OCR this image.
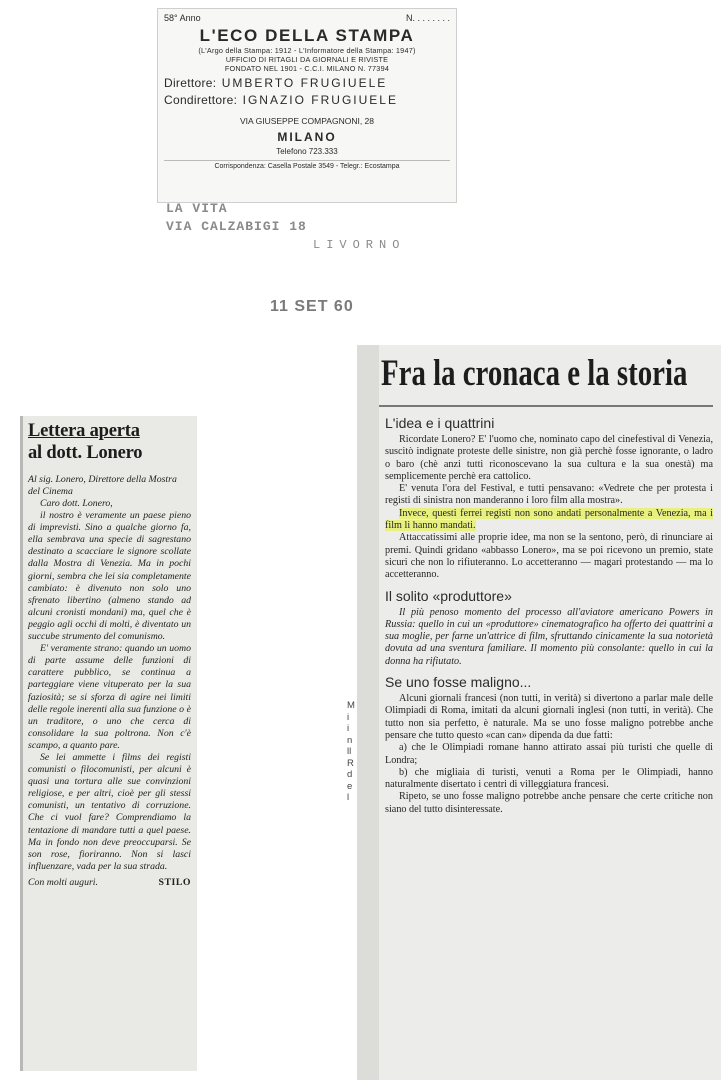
58° Anno	N. . . . . . . .
L'ECO DELLA STAMPA
(L'Argo della Stampa: 1912 - L'Informatore della Stampa: 1947)
UFFICIO DI RITAGLI DA GIORNALI E RIVISTE
FONDATO NEL 1901 - C.C.I. MILANO N. 77394
Direttore: UMBERTO FRUGIUELE
Condirettore: IGNAZIO FRUGIUELE
VIA GIUSEPPE COMPAGNONI, 28
MILANO
Telefono 723.333
Corrispondenza: Casella Postale 3549 - Telegr.: Ecostampa
LA VITA
VIA CALZABIGI 18
LIVORNO
11 SET 60
Lettera aperta
al dott. Lonero
Al sig. Lonero, Direttore della Mostra del Cinema

Caro dott. Lonero,

il nostro è veramente un paese pieno di imprevisti. Sino a qualche giorno fa, ella sembrava una specie di sagrestano destinato a scacciare le signore scollate dalla Mostra di Venezia. Ma in pochi giorni, sembra che lei sia completamente cambiato: è divenuto non solo uno sfrenato libertino (almeno stando ad alcuni cronisti mondani) ma, quel che è peggio agli occhi di molti, è diventato un succube strumento del comunismo.

E' veramente strano: quando un uomo di parte assume delle funzioni di carattere pubblico, se continua a parteggiare viene vituperato per la sua faziosità; se si sforza di agire nei limiti delle regole inerenti alla sua funzione o è un traditore, o uno che cerca di consolidare la sua poltrona. Non c'è scampo, a quanto pare.

Se lei ammette i films dei registi comunisti o filocomunisti, per alcuni è quasi una tortura alle sue convinzioni religiose, e per altri, cioè per gli stessi comunisti, un tentativo di corruzione. Che ci vuol fare? Comprendiamo la tentazione di mandare tutti a quel paese. Ma in fondo non deve preoccuparsi. Se son rose, fioriranno. Non si lasci influenzare, vada per la sua strada.

Con molti auguri.	STILO
M
i
i
n
ll
R
d
e
l
Fra la cronaca e la storia
L'idea e i quattrini

Ricordate Lonero? E' l'uomo che, nominato capo del cinefestival di Venezia, suscitò indignate proteste delle sinistre, non già perchè fosse ignorante, o ladro o baro (chè anzi tutti riconoscevano la sua cultura e la sua onestà) ma semplicemente perchè era cattolico.

E' venuta l'ora del Festival, e tutti pensavano: «Vedrete che per protesta i registi di sinistra non manderanno i loro film alla mostra».

Invece, questi ferrei registi non sono andati personalmente a Venezia, ma i film li hanno mandati.

Attaccatissimi alle proprie idee, ma non se la sentono, però, di rinunciare ai premi. Quindi gridano «abbasso Lonero», ma se poi ricevono un premio, state sicuri che non lo rifiuteranno. Lo accetteranno — magari protestando — ma lo accetteranno.

Il solito «produttore»

Il più penoso momento del processo all'aviatore americano Powers in Russia: quello in cui un «produttore» cinematografico ha offerto dei quattrini a sua moglie, per farne un'attrice di film, sfruttando cinicamente la sua notorietà dovuta ad una sventura familiare. Il momento più consolante: quello in cui la donna ha rifiutato.

Se uno fosse maligno...

Alcuni giornali francesi (non tutti, in verità) si divertono a parlar male delle Olimpiadi di Roma, imitati da alcuni giornali inglesi (non tutti, in verità). Che tutto non sia perfetto, è naturale. Ma se uno fosse maligno potrebbe anche pensare che tutto questo «can can» dipenda da due fatti:

a) che le Olimpiadi romane hanno attirato assai più turisti che quelle di Londra;

b) che migliaia di turisti, venuti a Roma per le Olimpiadi, hanno naturalmente disertato i centri di villeggiatura francesi.

Ripeto, se uno fosse maligno potrebbe anche pensare che certe critiche non siano del tutto disinteressate.
